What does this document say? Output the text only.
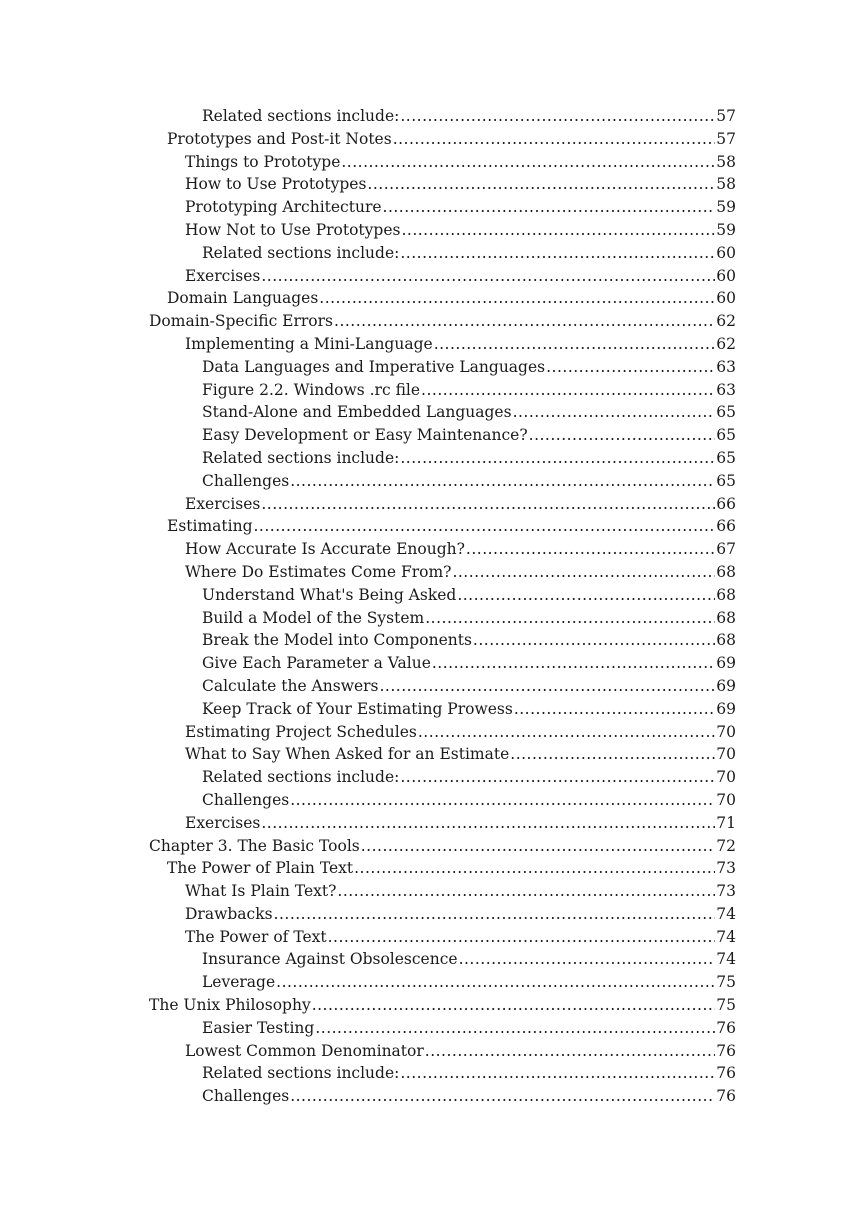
Related sections include: .....	57
Prototypes and Post-it Notes .....	57
Things to Prototype .....	58
How to Use Prototypes .....	58
Prototyping Architecture .....	59
How Not to Use Prototypes .....	59
Related sections include: .....	60
Exercises .....	60
Domain Languages .....	60
Domain-Specific Errors .....	62
Implementing a Mini-Language .....	62
Data Languages and Imperative Languages .....	63
Figure 2.2. Windows .rc file .....	63
Stand-Alone and Embedded Languages .....	65
Easy Development or Easy Maintenance? .....	65
Related sections include: .....	65
Challenges .....	65
Exercises .....	66
Estimating .....	66
How Accurate Is Accurate Enough? .....	67
Where Do Estimates Come From? .....	68
Understand What's Being Asked .....	68
Build a Model of the System .....	68
Break the Model into Components .....	68
Give Each Parameter a Value .....	69
Calculate the Answers .....	69
Keep Track of Your Estimating Prowess .....	69
Estimating Project Schedules .....	70
What to Say When Asked for an Estimate .....	70
Related sections include: .....	70
Challenges .....	70
Exercises .....	71
Chapter 3. The Basic Tools .....	72
The Power of Plain Text .....	73
What Is Plain Text? .....	73
Drawbacks .....	74
The Power of Text .....	74
Insurance Against Obsolescence .....	74
Leverage .....	75
The Unix Philosophy .....	75
Easier Testing .....	76
Lowest Common Denominator .....	76
Related sections include: .....	76
Challenges .....	76
